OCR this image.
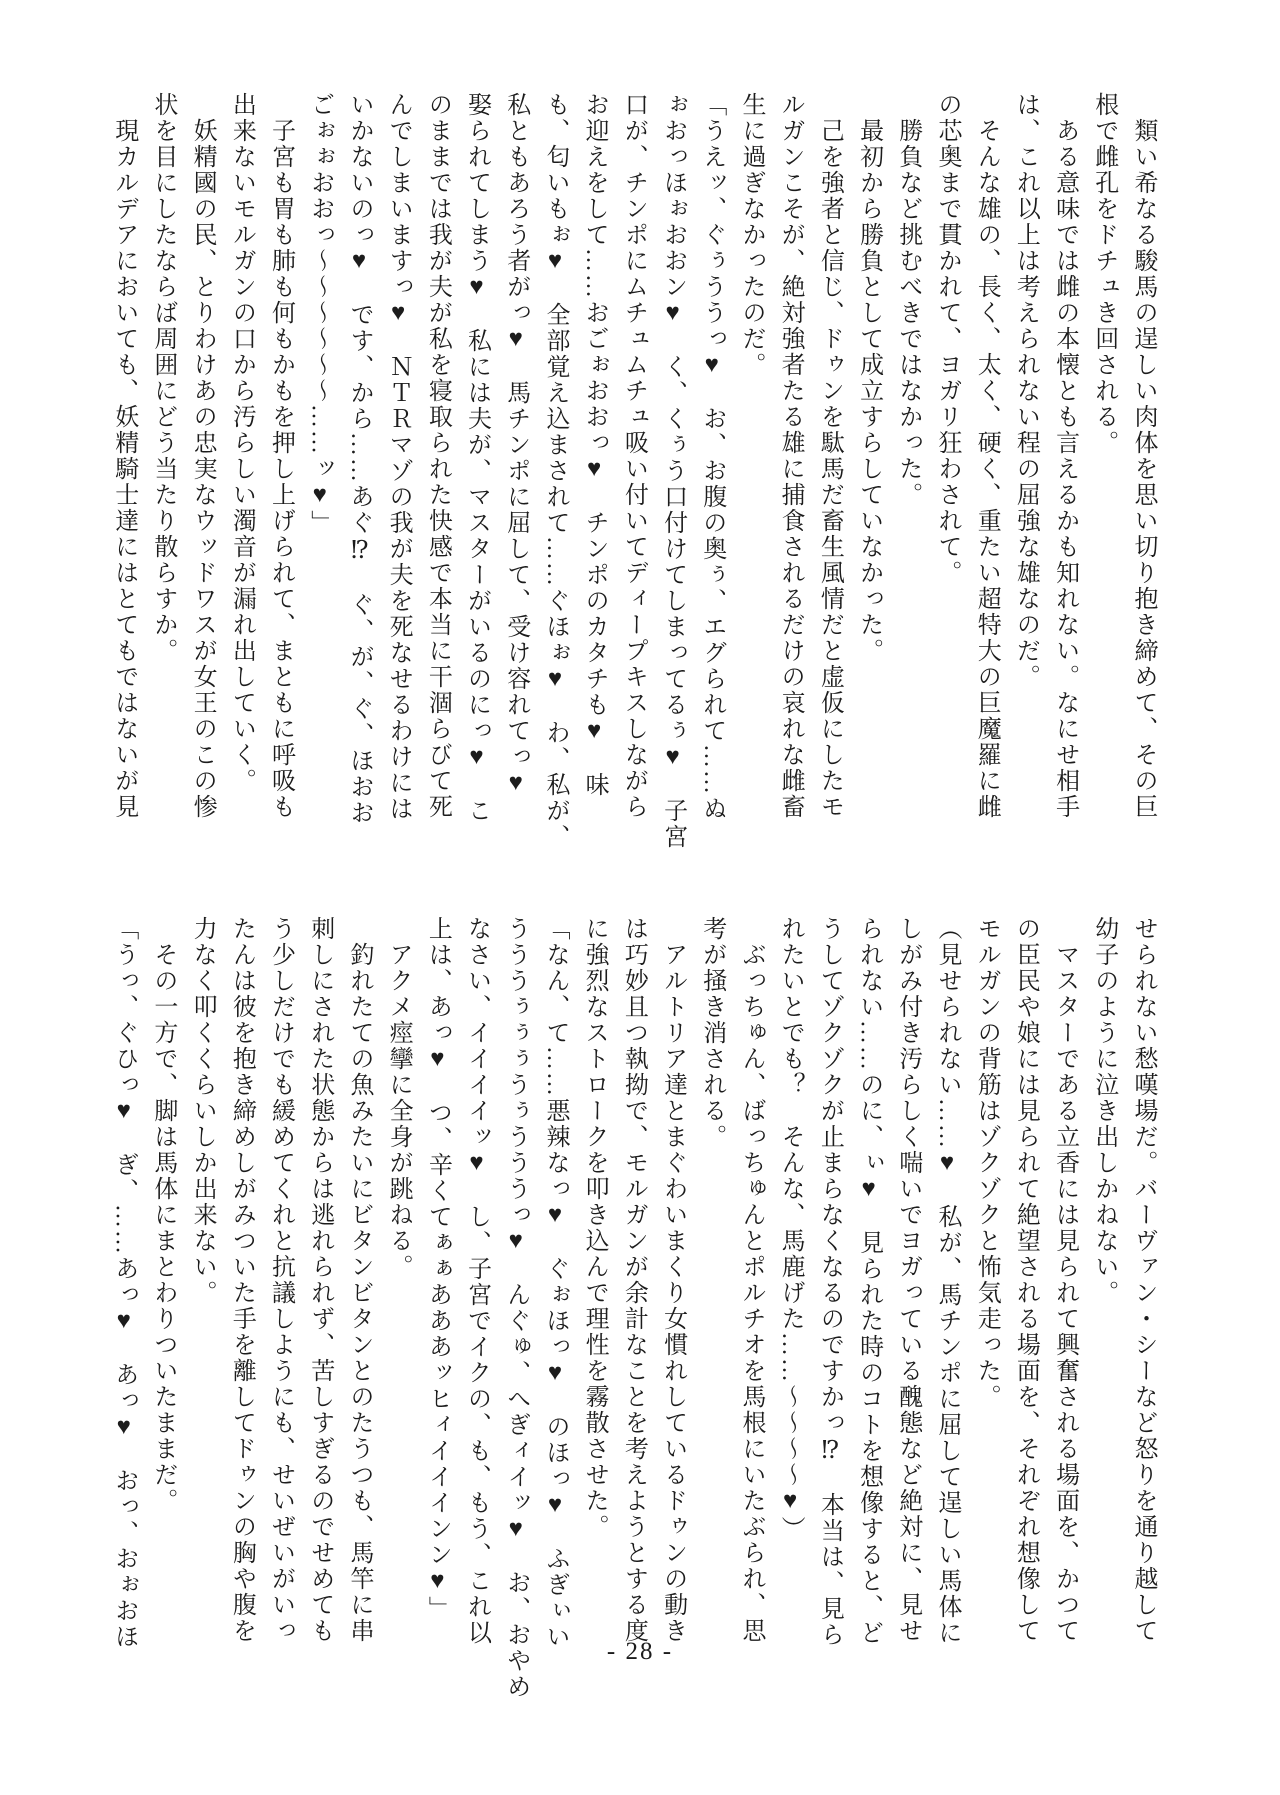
　類い希なる駿馬の逞しい肉体を思い切り抱き締めて、その巨

根で雌孔をドチュき回される。

　ある意味では雌の本懐とも言えるかも知れない。なにせ相手

は、これ以上は考えられない程の屈強な雄なのだ。

　そんな雄の、長く、太く、硬く、重たい超特大の巨魔羅に雌

の芯奥まで貫かれて、ヨガリ狂わされて。

　勝負など挑むべきではなかった。

　最初から勝負として成立すらしていなかった。

　己を強者と信じ、ドゥンを駄馬だ畜生風情だと虚仮にしたモ

ルガンこそが、絶対強者たる雄に捕食されるだけの哀れな雌畜

生に過ぎなかったのだ。

「うえッ、ぐぅううっ♥　お、お腹の奥ぅ、エグられて……ぬ

ぉおっほぉおおン♥　く、くぅう口付けてしまってるぅ♥　子宮

口が、チンポにムチュムチュ吸い付いてディープキスしながら

お迎えをして……おごぉおおっ♥　チンポのカタチも♥　味

も、匂いもぉ♥　全部覚え込まされて……ぐほぉ♥　わ、私が、

私ともあろう者がっ♥　馬チンポに屈して、受け容れてっ♥

娶られてしまう♥　私には夫が、マスターがいるのにっ♥　こ

のままでは我が夫が私を寝取られた快感で本当に干涸らびて死

んでしまいますっ♥　ＮＴＲマゾの我が夫を死なせるわけには

いかないのっ♥　です、から……あぐ⁉　ぐ、が、ぐ、ほおお

ごぉぉおおっ〜〜〜〜〜〜……ッ♥」

　子宮も胃も肺も何もかもを押し上げられて、まともに呼吸も

出来ないモルガンの口から汚らしい濁音が漏れ出していく。

　妖精國の民、とりわけあの忠実なウッドワスが女王のこの惨

状を目にしたならば周囲にどう当たり散らすか。

　現カルデアにおいても、妖精騎士達にはとてもではないが見

せられない愁嘆場だ。バーヴァン・シーなど怒りを通り越して

幼子のように泣き出しかねない。

　マスターである立香には見られて興奮される場面を、かつて

の臣民や娘には見られて絶望される場面を、それぞれ想像して

モルガンの背筋はゾクゾクと怖気走った。

（見せられない……♥　私が、馬チンポに屈して逞しい馬体に

しがみ付き汚らしく喘いでヨガっている醜態など絶対に、見せ

られない……のに、ぃ♥　見られた時のコトを想像すると、ど

うしてゾクゾクが止まらなくなるのですかっ⁉　本当は、見ら

れたいとでも？　そんな、馬鹿げた……〜〜〜〜♥）

　ぶっちゅん、ばっちゅんとポルチオを馬根にいたぶられ、思

考が掻き消される。

　アルトリア達とまぐわいまくり女慣れしているドゥンの動き

は巧妙且つ執拗で、モルガンが余計なことを考えようとする度

に強烈なストロークを叩き込んで理性を霧散させた。

「なん、て……悪辣なっ♥　ぐぉほっ♥　のほっ♥　ふぎぃい

うううぅぅぅうぅうううっ♥　んぐゅ、へぎィイッ♥　お、おやめ

なさい、イイイイッ♥　し、子宮でイクの、も、もう、これ以

上は、あっ♥　つ、辛くてぁぁあああッヒィイイインン♥」

　アクメ痙攣に全身が跳ねる。

　釣れたての魚みたいにビタンビタンとのたうつも、馬竿に串

刺しにされた状態からは逃れられず、苦しすぎるのでせめても

う少しだけでも緩めてくれと抗議しようにも、せいぜいがいっ

たんは彼を抱き締めしがみついた手を離してドゥンの胸や腹を

力なく叩くくらいしか出来ない。

　その一方で、脚は馬体にまとわりついたままだ。

「うっ、ぐひっ♥　ぎ、……あっ♥　あっ♥　おっ、おぉおほ

- 28 -
